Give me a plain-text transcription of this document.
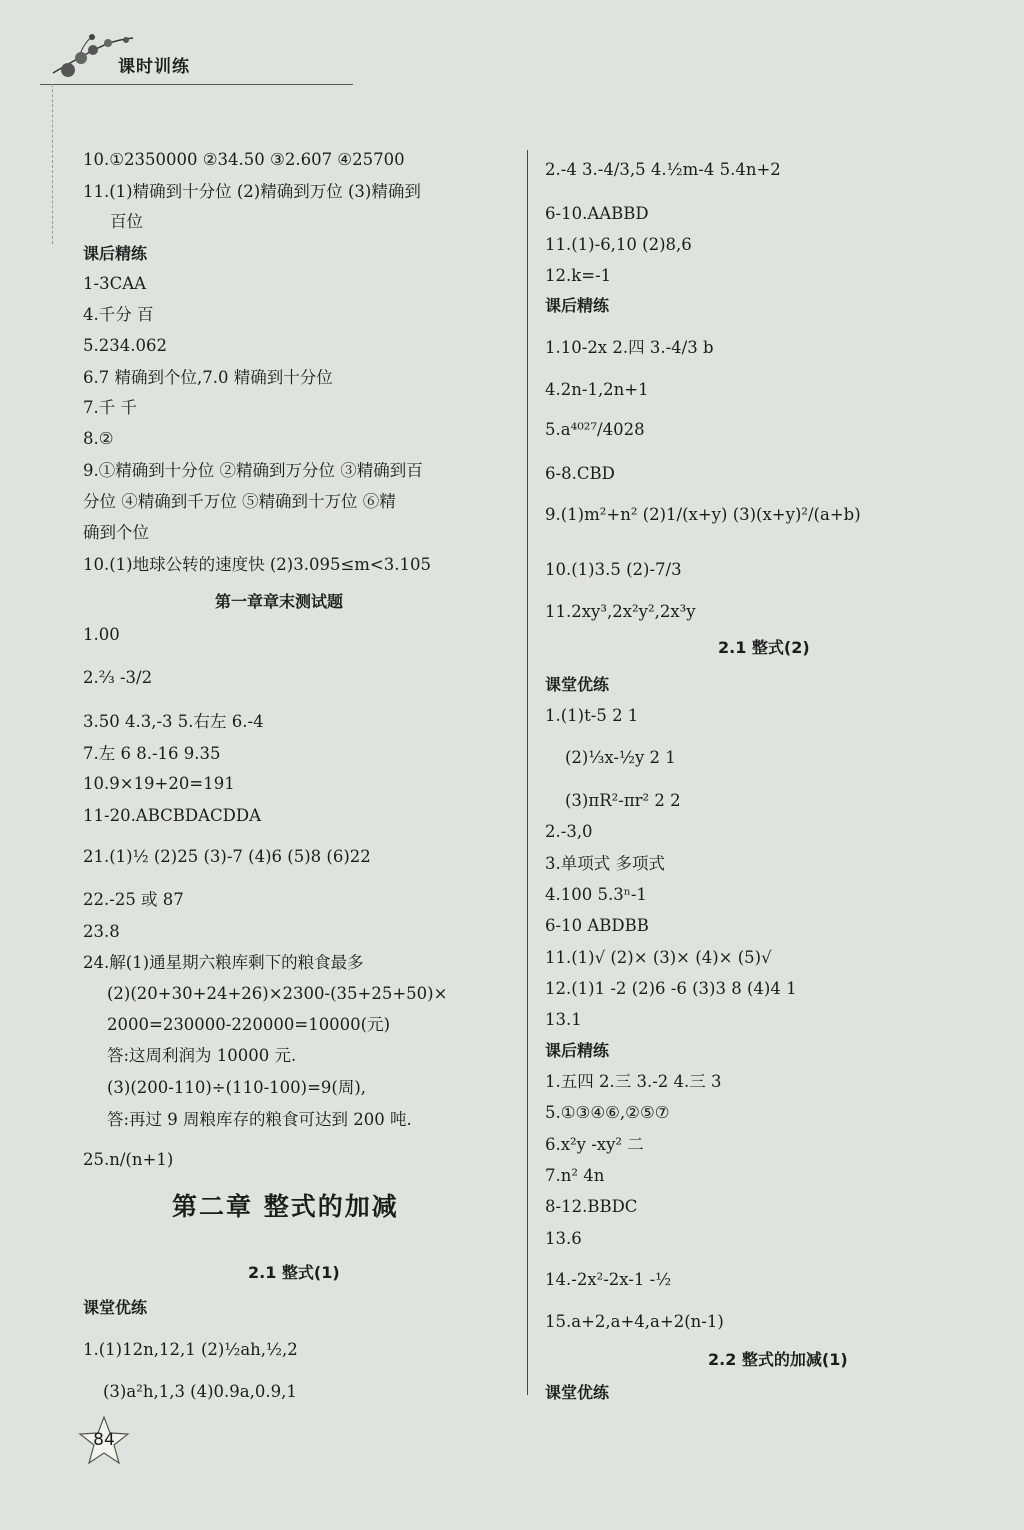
课时训练
10.①2350000 ②34.50 ③2.607 ④25700
11.(1)精确到十分位 (2)精确到万位 (3)精确到
百位
课后精练
1-3CAA
4.千分 百
5.234.062
6.7 精确到个位,7.0 精确到十分位
7.千 千
8.②
9.①精确到十分位 ②精确到万分位 ③精确到百
分位 ④精确到千万位 ⑤精确到十万位 ⑥精
确到个位
10.(1)地球公转的速度快 (2)3.095≤m<3.105
第一章章末测试题
1.00
2.⅔ -3/2
3.50 4.3,-3 5.右左 6.-4
7.左 6 8.-16 9.35
10.9×19+20=191
11-20.ABCBDACDDA
21.(1)½ (2)25 (3)-7 (4)6 (5)8 (6)22
22.-25 或 87
23.8
24.解(1)通星期六粮库剩下的粮食最多
(2)(20+30+24+26)×2300-(35+25+50)×
2000=230000-220000=10000(元)
答:这周利润为 10000 元.
(3)(200-110)÷(110-100)=9(周),
答:再过 9 周粮库存的粮食可达到 200 吨.
25.n/(n+1)
第二章 整式的加减
2.1 整式(1)
课堂优练
1.(1)12n,12,1 (2)½ah,½,2
(3)a²h,1,3 (4)0.9a,0.9,1
2.-4 3.-4/3,5 4.½m-4 5.4n+2
6-10.AABBD
11.(1)-6,10 (2)8,6
12.k=-1
课后精练
1.10-2x 2.四 3.-4/3 b
4.2n-1,2n+1
5.a⁴⁰²⁷/4028
6-8.CBD
9.(1)m²+n² (2)1/(x+y) (3)(x+y)²/(a+b)
10.(1)3.5 (2)-7/3
11.2xy³,2x²y²,2x³y
2.1 整式(2)
课堂优练
1.(1)t-5 2 1
(2)⅓x-½y 2 1
(3)πR²-πr² 2 2
2.-3,0
3.单项式 多项式
4.100 5.3ⁿ-1
6-10 ABDBB
11.(1)√ (2)× (3)× (4)× (5)√
12.(1)1 -2 (2)6 -6 (3)3 8 (4)4 1
13.1
课后精练
1.五四 2.三 3.-2 4.三 3
5.①③④⑥,②⑤⑦
6.x²y -xy² 二
7.n² 4n
8-12.BBDC
13.6
14.-2x²-2x-1 -½
15.a+2,a+4,a+2(n-1)
2.2 整式的加减(1)
课堂优练
84
